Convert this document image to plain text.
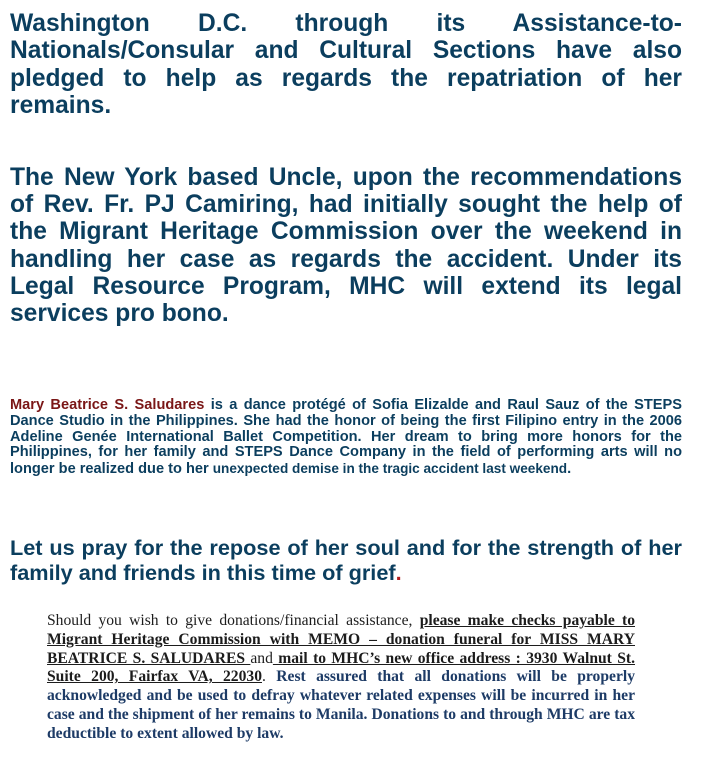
Washington D.C. through its Assistance-to-Nationals/Consular and Cultural Sections have also pledged to help as regards the repatriation of her remains.

The New York based Uncle, upon the recommendations of Rev. Fr. PJ Camiring, had initially sought the help of the Migrant Heritage Commission over the weekend in handling her case as regards the accident. Under its Legal Resource Program, MHC will extend its legal services pro bono.

Mary Beatrice S. Saludares is a dance protégé of Sofia Elizalde and Raul Sauz of the STEPS Dance Studio in the Philippines. She had the honor of being the first Filipino entry in the 2006 Adeline Genée International Ballet Competition. Her dream to bring more honors for the Philippines, for her family and STEPS Dance Company in the field of performing arts will no longer be realized due to her unexpected demise in the tragic accident last weekend.

Let us pray for the repose of her soul and for the strength of her family and friends in this time of grief.

Should you wish to give donations/financial assistance, please make checks payable to Migrant Heritage Commission with MEMO – donation funeral for MISS MARY BEATRICE S. SALUDARES and mail to MHC’s new office address : 3930 Walnut St. Suite 200, Fairfax VA, 22030. Rest assured that all donations will be properly acknowledged and be used to defray whatever related expenses will be incurred in her case and the shipment of her remains to Manila. Donations to and through MHC are tax deductible to extent allowed by law.
